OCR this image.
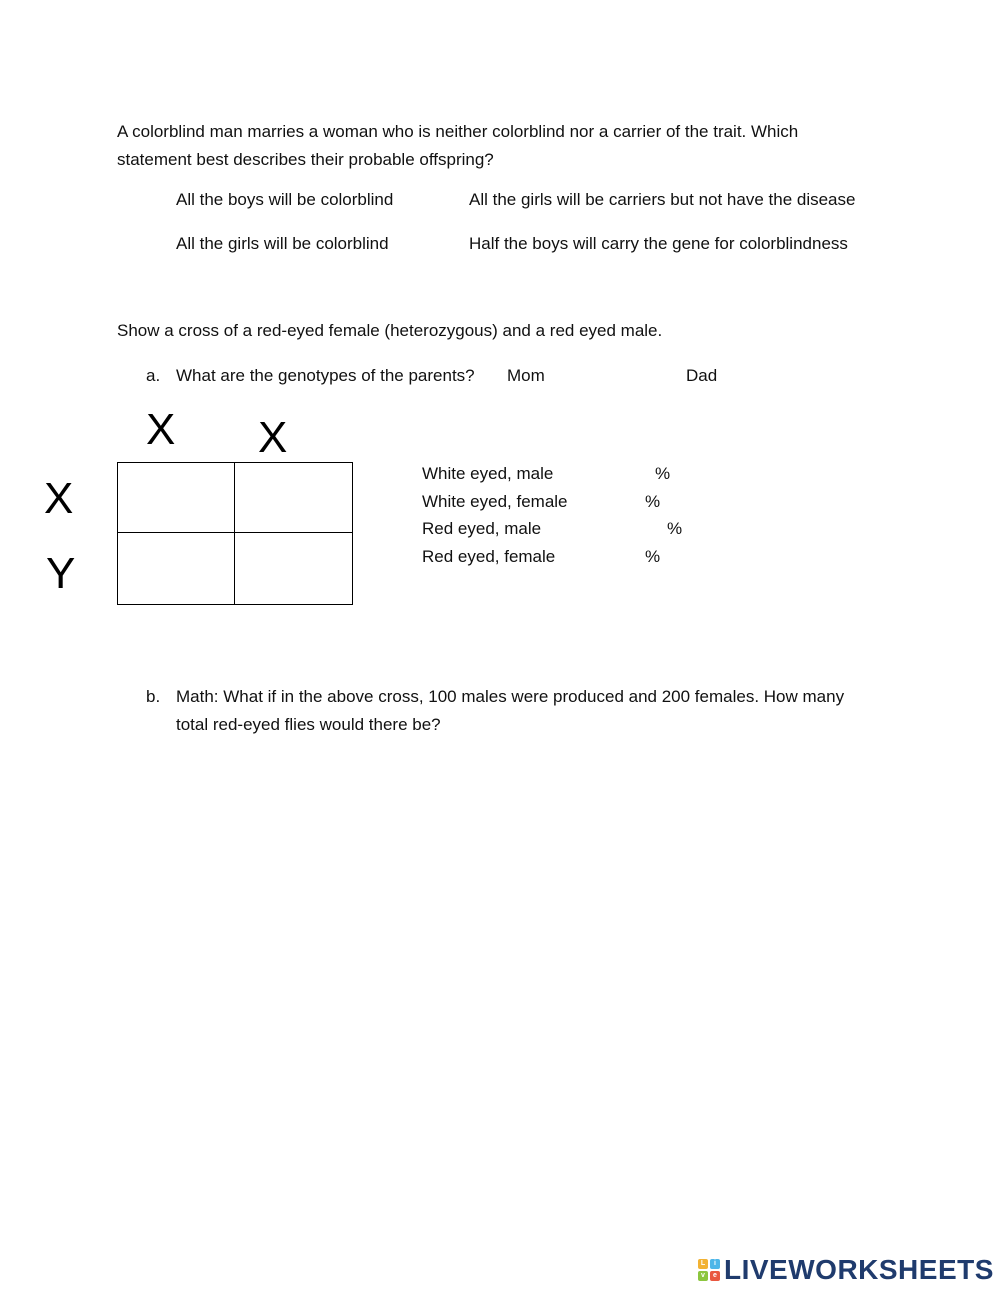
A colorblind man marries a woman who is neither colorblind nor a carrier of the trait. Which statement best describes their probable offspring?
All the boys will be colorblind	All the girls will be carriers but not have the disease
All the girls will be colorblind	Half the boys will carry the gene for colorblindness
Show a cross of a red-eyed female (heterozygous) and a red eyed male.
a. What are the genotypes of the parents? Mom	Dad
X X
X
Y
White eyed, male	%
White eyed, female	%
Red eyed, male	%
Red eyed, female	%
b. Math: What if in the above cross, 100 males were produced and 200 females. How many total red-eyed flies would there be?
L	i
v	e LIVEWORKSHEETS
